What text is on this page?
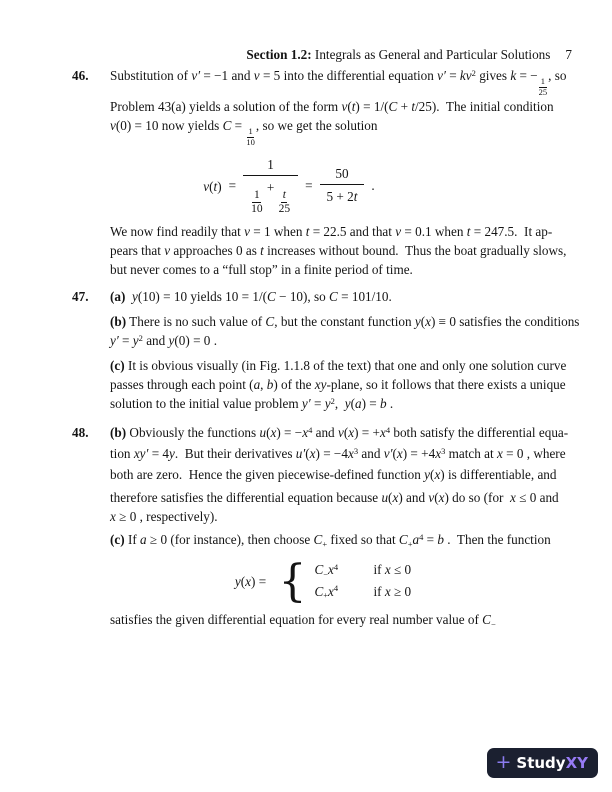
Section 1.2: Integrals as General and Particular Solutions 7

46.	Substitution of v′ = −1 and v = 5 into the differential equation $v' = kv^2$ gives k = −
$\frac{1}{25}$
, so
Problem 43(a) yields a solution of the form v(t) = 1/(C + t/25).  The initial condition
v(0) = 10 now yields C =
$\frac{1}{10}$
, so we get the solution
v(t) = 1
$\frac{1}{10}$
+
$\frac{t}{25} = \frac{50}{5 + 2t}$ .
We now find readily that v = 1 when t = 22.5 and that v = 0.1 when t = 247.5.  It ap-
pears that v approaches 0 as t increases without bound.  Thus the boat gradually slows,
but never comes to a “full stop” in a finite period of time.
47.	(a) y(10) = 10 yields 10 = 1/(C − 10), so C = 101/10.
(b) There is no such value of C, but the constant function y(x) ≡ 0 satisfies the conditions
$y' = y^2$ and y(0) = 0 .
(c) It is obvious visually (in Fig. 1.1.8 of the text) that one and only one solution curve
passes through each point (a, b) of the xy-plane, so it follows that there exists a unique
solution to the initial value problem $y' = y^2$,  y(a) = b .
48.	(b) Obviously the functions $u(x) = -x^4$ and $v(x) = +x^4$ both satisfy the differential equa-
tion xy′ = 4y.  But their derivatives $u'(x) = -4x^3$ and $v'(x) = +4x^3$ match at x = 0 , where
both are zero.  Hence the given piecewise-defined function y(x) is differentiable, and
therefore satisfies the differential equation because u(x) and v(x) do so (for  x ≤ 0 and
x ≥ 0 , respectively).
(c) If a ≥ 0 (for instance), then choose C+ fixed so that $C+a^4 = b$ .  Then the function
y(x) = { $C-x^4$	if x ≤ 0
$C+x^4$	if x ≥ 0
satisfies the given differential equation for every real number value of C−
+ Study XY
